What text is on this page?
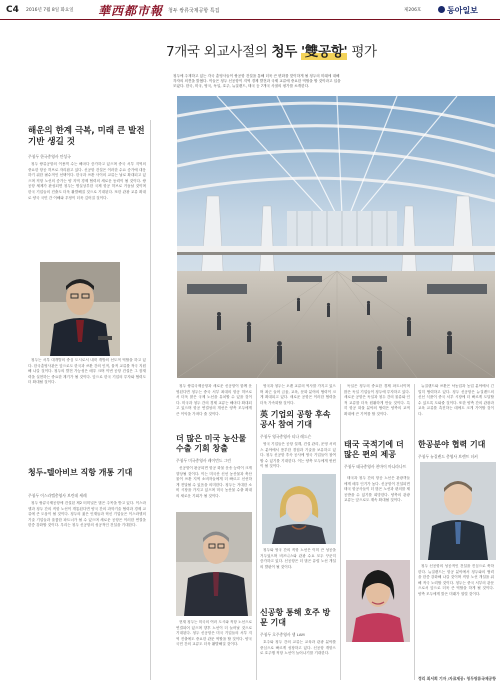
C4 2016년 7월 8일 화요일 華西都市報 청두 쌍류국제공항 특집	제206호	동아일보
7개국 외교사절의 청두 '雙공항' 평가
청두에 주재하고 있는 각국 총영사들이 쌍공항 건설을 통해 더욱 큰 변화를 맞이하게 될 청두의 미래에 대해 각자의 의견을 밝혔다. 이들은 청두 신공항이 지역 경제 발전과 국제 교류에 중요한 역할을 할 것이라고 입을 모았다. 한국, 미국, 영국, 독일, 호주, 뉴질랜드, 태국 등 7개국 사절의 평가를 소개한다.
해운의 한계 극복, 미래 큰 발전 기반 생길 것
주청두 한국총영사 안성국

청두 쌍류공항의 이용객 수는 해마다 증가하고 있으며 중국 서부 지역의 중요한 항공 허브로 자리잡고 있다. 신공항 건설은 이러한 수요 증가에 대응하기 위한 필수적인 선택이다. 한국과 쓰촨 사이의 교류는 날로 확대되고 있으며 직항 노선의 증가는 양 지역 경제 협력의 새로운 동력이 될 것이다. 쌍공항 체제가 완성되면 청두는 명실상부한 국제 항공 허브로 거듭날 것이며 한국 기업들의 진출도 더욱 활발해질 것으로 기대된다. 또한 관광 교류 확대로 양국 국민 간 이해와 우정이 더욱 깊어질 것이다.

청두는 서부 대개발의 중심 도시로서 내륙 개방의 선도적 역할을 하고 있다. 한국총영사관은 앞으로도 한국과 쓰촨 간의 인적, 물적 교류를 적극 지원해 나갈 것이다. 청두의 발전 가능성은 매우 크며 이번 공항 건설은 그 잠재력을 실현하는 중요한 계기가 될 것이다. 앞으로 한국 기업의 투자와 협력도 더 확대될 것이다.

청두-텔아비브 직항 개통 기대
주청두 이스라엘총영사 브린데 세레

청두 쌍류국제공항에 건설된 제2 터미널은 많은 주목을 받고 있다. 이스라엘과 청두 간의 직항 노선이 개통된다면 양국 간의 과학기술 협력과 경제 교류에 큰 도움이 될 것이다. 청두의 젊은 인재들과 혁신 기업들은 이스라엘의 기술 기업들과 훌륭한 파트너가 될 수 있으며 새로운 공항은 이러한 연결을 한층 강화할 것이다. 우리는 청두 신공항의 성공적인 건설을 기대한다.

청두 쌍류국제공항과 새로운 신공항이 함께 운영된다면 청두는 중국 서부 최대의 항공 허브로서 더욱 많은 국제 노선을 유치할 수 있을 것이다. 미국과 청두 간의 경제 교류는 해마다 확대되고 있으며 항공 연결성의 개선은 양측 모두에게 큰 이익을 가져다 줄 것이다.

더 많은 미국 농산물 수출 기회 창출
주청두 미국총영사 레이먼드 그린

신공항이 완공되면 항공 화물 운송 능력이 크게 향상될 것이다. 이는 미국산 신선 농산물과 축산물이 쓰촨 지역 소비자들에게 더 빠르고 신선하게 전달될 수 있음을 의미한다. 청두는 거대한 소비 시장을 가지고 있으며 미국 농산물 수출 확대의 새로운 기회가 될 것이다.

현재 청두는 미국의 여러 도시와 직항 노선으로 연결되어 있으며 향후 노선이 더 늘어날 것으로 기대된다. 청두 신공항은 미국 기업들의 서부 지역 진출에도 중요한 관문 역할을 할 것이다. 양국 국민 간의 교류도 더욱 활발해질 것이다.

영국과 청두는 오랜 교류의 역사를 가지고 있으며 최근 들어 금융, 교육, 문화 분야의 협력이 크게 확대되고 있다. 새로운 공항은 이러한 협력을 더욱 가속화할 것이다.

英 기업의 공항 후속 공사 참여 기대
주청두 영국총영사 티나 레드슨

영국 기업들은 공항 설계, 건설 관리, 운영 서비스 분야에서 풍부한 경험과 기술을 보유하고 있다. 청두 신공항 후속 공사에 영국 기업들이 참여할 수 있기를 기대한다. 이는 양측 모두에게 윈윈이 될 것이다.

청두와 영국 간의 직항 노선은 이미 큰 성공을 거두었으며 비즈니스와 관광 수요 모두 꾸준히 증가하고 있다. 신공항은 더 많은 유럽 노선 개설의 발판이 될 것이다.

신공항 통해 호주 방문 기대
주청두 호주총영사 샘 LAM

호주와 청두 간의 교류는 교육과 관광 분야를 중심으로 빠르게 성장하고 있다. 신공항 개항으로 호주행 직항 노선이 늘어나기를 기대한다.

독일은 청두의 중요한 경제 파트너이며 많은 독일 기업들이 청두에 투자하고 있다. 새로운 공항은 독일과 청두 간의 물류와 인적 교류를 더욱 원활하게 만들 것이다. 특히 항공 화물 분야의 협력은 양측의 교역 확대에 큰 기여를 할 것이다.

태국 국적기에 더 많은 편의 제공
주청두 태국총영사 찬마이 마니라나트

태국과 청두 간의 항공 노선은 관광객들에게 매우 인기가 높다. 신공항이 건설되면 태국 항공사들이 더 많은 노선과 편의를 제공받을 수 있기를 희망한다. 양측의 관광 교류는 앞으로도 계속 확대될 것이다.

뉴질랜드와 쓰촨은 낙농업과 농업 분야에서 긴밀히 협력하고 있다. 청두 신공항은 뉴질랜드의 신선 식품이 중국 서부 시장에 더 빠르게 도달할 수 있도록 도와줄 것이다. 또한 양측 간의 관광과 교육 교류를 촉진하는 데에도 크게 기여할 것이다.

한공분야 협력 기대
주청두 뉴질랜드 총영사 브렌트 더커

청두 신공항의 성공적인 건설을 진심으로 축하한다. 뉴질랜드는 항공 분야에서 청두와의 협력을 한층 강화해 나갈 것이며 직항 노선 개설을 위해 적극 노력할 것이다. 청두는 중국 서부의 관문으로서 앞으로 더욱 큰 역할을 하게 될 것이다. 양측 모두에게 밝은 미래가 열릴 것이다.

정리 최서희 기자 /자료제공: 청두쌍류국제공항
